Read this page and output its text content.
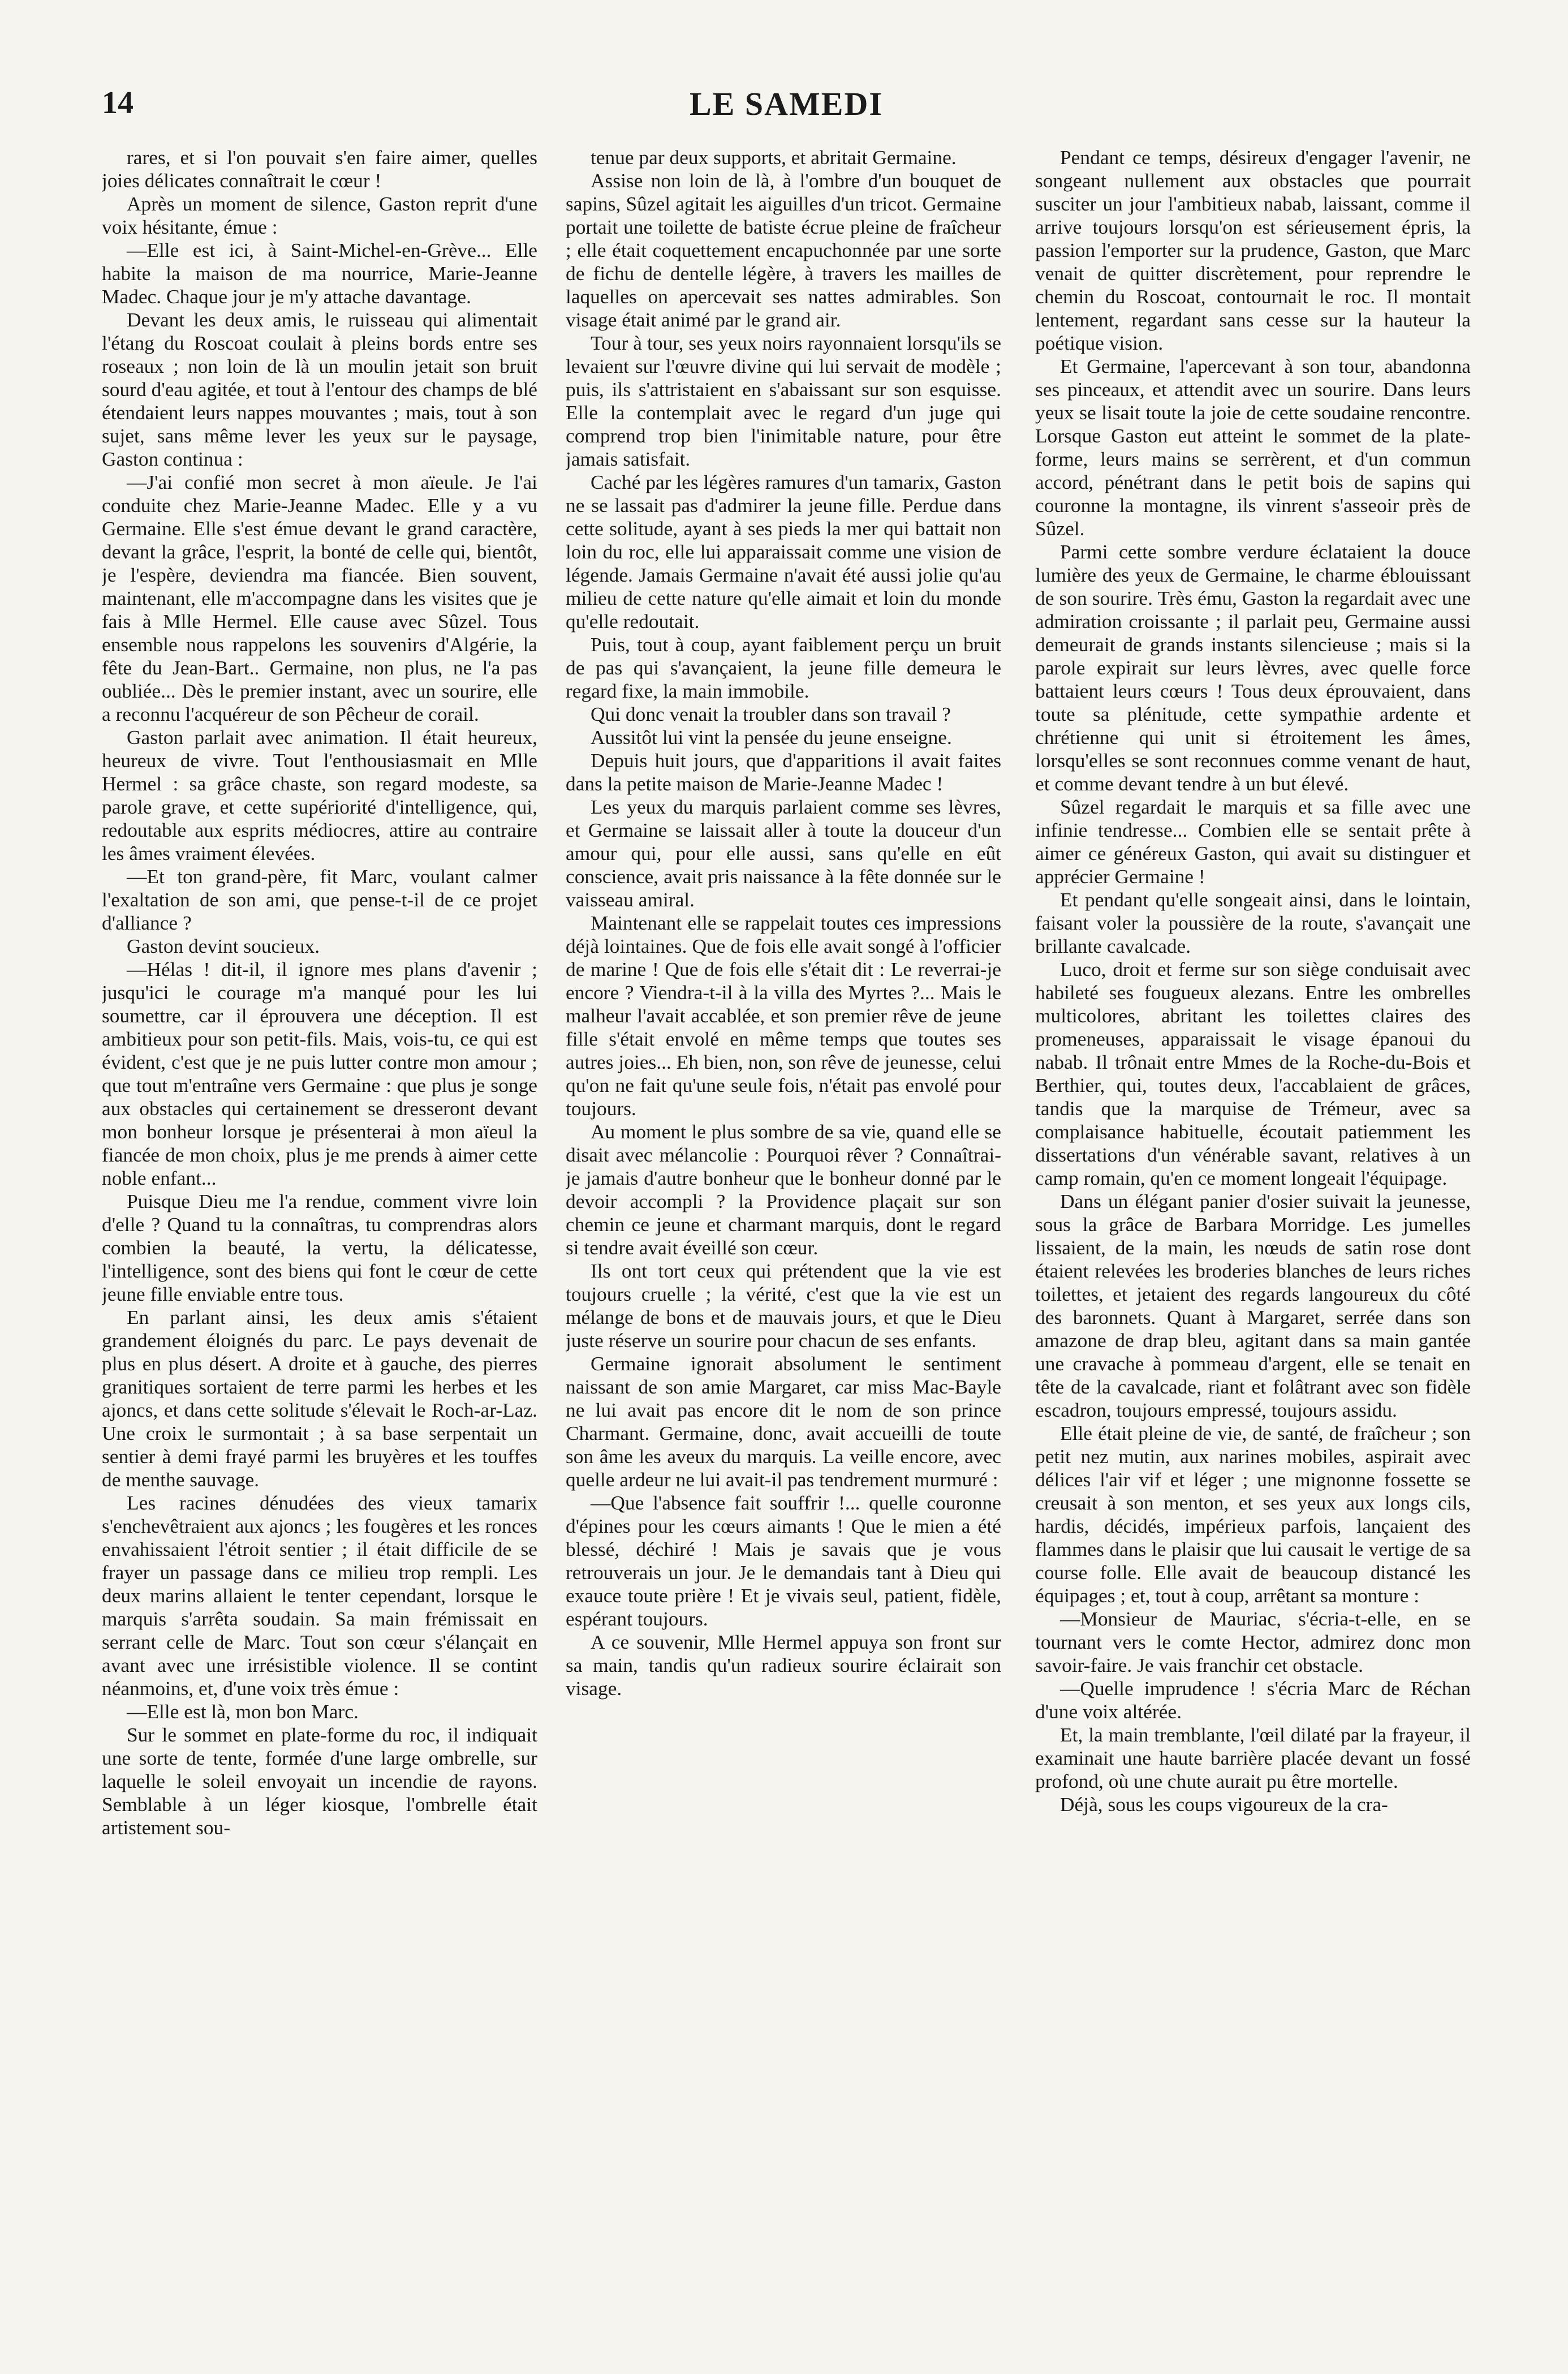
14	LE SAMEDI

rares, et si l'on pouvait s'en faire aimer, quelles joies délicates connaîtrait le cœur !

Après un moment de silence, Gaston reprit d'une voix hésitante, émue :

—Elle est ici, à Saint-Michel-en-Grève... Elle habite la maison de ma nourrice, Marie-Jeanne Madec. Chaque jour je m'y attache davantage.

Devant les deux amis, le ruisseau qui alimentait l'étang du Roscoat coulait à pleins bords entre ses roseaux ; non loin de là un moulin jetait son bruit sourd d'eau agitée, et tout à l'entour des champs de blé étendaient leurs nappes mouvantes ; mais, tout à son sujet, sans même lever les yeux sur le paysage, Gaston continua :

—J'ai confié mon secret à mon aïeule. Je l'ai conduite chez Marie-Jeanne Madec. Elle y a vu Germaine. Elle s'est émue devant le grand caractère, devant la grâce, l'esprit, la bonté de celle qui, bientôt, je l'espère, deviendra ma fiancée. Bien souvent, maintenant, elle m'accompagne dans les visites que je fais à Mlle Hermel. Elle cause avec Sûzel. Tous ensemble nous rappelons les souvenirs d'Algérie, la fête du Jean-Bart.. Germaine, non plus, ne l'a pas oubliée... Dès le premier instant, avec un sourire, elle a reconnu l'acquéreur de son Pêcheur de corail.

Gaston parlait avec animation. Il était heureux, heureux de vivre. Tout l'enthousiasmait en Mlle Hermel : sa grâce chaste, son regard modeste, sa parole grave, et cette supériorité d'intelligence, qui, redoutable aux esprits médiocres, attire au contraire les âmes vraiment élevées.

—Et ton grand-père, fit Marc, voulant calmer l'exaltation de son ami, que pense-t-il de ce projet d'alliance ?

Gaston devint soucieux.

—Hélas ! dit-il, il ignore mes plans d'avenir ; jusqu'ici le courage m'a manqué pour les lui soumettre, car il éprouvera une déception. Il est ambitieux pour son petit-fils. Mais, vois-tu, ce qui est évident, c'est que je ne puis lutter contre mon amour ; que tout m'entraîne vers Germaine : que plus je songe aux obstacles qui certainement se dresseront devant mon bonheur lorsque je présenterai à mon aïeul la fiancée de mon choix, plus je me prends à aimer cette noble enfant...

Puisque Dieu me l'a rendue, comment vivre loin d'elle ? Quand tu la connaîtras, tu comprendras alors combien la beauté, la vertu, la délicatesse, l'intelligence, sont des biens qui font le cœur de cette jeune fille enviable entre tous.

En parlant ainsi, les deux amis s'étaient grandement éloignés du parc. Le pays devenait de plus en plus désert. A droite et à gauche, des pierres granitiques sortaient de terre parmi les herbes et les ajoncs, et dans cette solitude s'élevait le Roch-ar-Laz. Une croix le surmontait ; à sa base serpentait un sentier à demi frayé parmi les bruyères et les touffes de menthe sauvage.

Les racines dénudées des vieux tamarix s'enchevêtraient aux ajoncs ; les fougères et les ronces envahissaient l'étroit sentier ; il était difficile de se frayer un passage dans ce milieu trop rempli. Les deux marins allaient le tenter cependant, lorsque le marquis s'arrêta soudain. Sa main frémissait en serrant celle de Marc. Tout son cœur s'élançait en avant avec une irrésistible violence. Il se contint néanmoins, et, d'une voix très émue :

—Elle est là, mon bon Marc.

Sur le sommet en plate-forme du roc, il indiquait une sorte de tente, formée d'une large ombrelle, sur laquelle le soleil envoyait un incendie de rayons. Semblable à un léger kiosque, l'ombrelle était artistement sou-

tenue par deux supports, et abritait Germaine.

Assise non loin de là, à l'ombre d'un bouquet de sapins, Sûzel agitait les aiguilles d'un tricot. Germaine portait une toilette de batiste écrue pleine de fraîcheur ; elle était coquettement encapuchonnée par une sorte de fichu de dentelle légère, à travers les mailles de laquelles on apercevait ses nattes admirables. Son visage était animé par le grand air.

Tour à tour, ses yeux noirs rayonnaient lorsqu'ils se levaient sur l'œuvre divine qui lui servait de modèle ; puis, ils s'attristaient en s'abaissant sur son esquisse. Elle la contemplait avec le regard d'un juge qui comprend trop bien l'inimitable nature, pour être jamais satisfait.

Caché par les légères ramures d'un tamarix, Gaston ne se lassait pas d'admirer la jeune fille. Perdue dans cette solitude, ayant à ses pieds la mer qui battait non loin du roc, elle lui apparaissait comme une vision de légende. Jamais Germaine n'avait été aussi jolie qu'au milieu de cette nature qu'elle aimait et loin du monde qu'elle redoutait.

Puis, tout à coup, ayant faiblement perçu un bruit de pas qui s'avançaient, la jeune fille demeura le regard fixe, la main immobile.

Qui donc venait la troubler dans son travail ?

Aussitôt lui vint la pensée du jeune enseigne.

Depuis huit jours, que d'apparitions il avait faites dans la petite maison de Marie-Jeanne Madec !

Les yeux du marquis parlaient comme ses lèvres, et Germaine se laissait aller à toute la douceur d'un amour qui, pour elle aussi, sans qu'elle en eût conscience, avait pris naissance à la fête donnée sur le vaisseau amiral.

Maintenant elle se rappelait toutes ces impressions déjà lointaines. Que de fois elle avait songé à l'officier de marine ! Que de fois elle s'était dit : Le reverrai-je encore ? Viendra-t-il à la villa des Myrtes ?... Mais le malheur l'avait accablée, et son premier rêve de jeune fille s'était envolé en même temps que toutes ses autres joies... Eh bien, non, son rêve de jeunesse, celui qu'on ne fait qu'une seule fois, n'était pas envolé pour toujours.

Au moment le plus sombre de sa vie, quand elle se disait avec mélancolie : Pourquoi rêver ? Connaîtrai-je jamais d'autre bonheur que le bonheur donné par le devoir accompli ? la Providence plaçait sur son chemin ce jeune et charmant marquis, dont le regard si tendre avait éveillé son cœur.

Ils ont tort ceux qui prétendent que la vie est toujours cruelle ; la vérité, c'est que la vie est un mélange de bons et de mauvais jours, et que le Dieu juste réserve un sourire pour chacun de ses enfants.

Germaine ignorait absolument le sentiment naissant de son amie Margaret, car miss Mac-Bayle ne lui avait pas encore dit le nom de son prince Charmant. Germaine, donc, avait accueilli de toute son âme les aveux du marquis. La veille encore, avec quelle ardeur ne lui avait-il pas tendrement murmuré :

—Que l'absence fait souffrir !... quelle couronne d'épines pour les cœurs aimants ! Que le mien a été blessé, déchiré ! Mais je savais que je vous retrouverais un jour. Je le demandais tant à Dieu qui exauce toute prière ! Et je vivais seul, patient, fidèle, espérant toujours.

A ce souvenir, Mlle Hermel appuya son front sur sa main, tandis qu'un radieux sourire éclairait son visage.

Pendant ce temps, désireux d'engager l'avenir, ne songeant nullement aux obstacles que pourrait susciter un jour l'ambitieux nabab, laissant, comme il arrive toujours lorsqu'on est sérieusement épris, la passion l'emporter sur la prudence, Gaston, que Marc venait de quitter discrètement, pour reprendre le chemin du Roscoat, contournait le roc. Il montait lentement, regardant sans cesse sur la hauteur la poétique vision.

Et Germaine, l'apercevant à son tour, abandonna ses pinceaux, et attendit avec un sourire. Dans leurs yeux se lisait toute la joie de cette soudaine rencontre. Lorsque Gaston eut atteint le sommet de la plate-forme, leurs mains se serrèrent, et d'un commun accord, pénétrant dans le petit bois de sapins qui couronne la montagne, ils vinrent s'asseoir près de Sûzel.

Parmi cette sombre verdure éclataient la douce lumière des yeux de Germaine, le charme éblouissant de son sourire. Très ému, Gaston la regardait avec une admiration croissante ; il parlait peu, Germaine aussi demeurait de grands instants silencieuse ; mais si la parole expirait sur leurs lèvres, avec quelle force battaient leurs cœurs ! Tous deux éprouvaient, dans toute sa plénitude, cette sympathie ardente et chrétienne qui unit si étroitement les âmes, lorsqu'elles se sont reconnues comme venant de haut, et comme devant tendre à un but élevé.

Sûzel regardait le marquis et sa fille avec une infinie tendresse... Combien elle se sentait prête à aimer ce généreux Gaston, qui avait su distinguer et apprécier Germaine !

Et pendant qu'elle songeait ainsi, dans le lointain, faisant voler la poussière de la route, s'avançait une brillante cavalcade.

Luco, droit et ferme sur son siège conduisait avec habileté ses fougueux alezans. Entre les ombrelles multicolores, abritant les toilettes claires des promeneuses, apparaissait le visage épanoui du nabab. Il trônait entre Mmes de la Roche-du-Bois et Berthier, qui, toutes deux, l'accablaient de grâces, tandis que la marquise de Trémeur, avec sa complaisance habituelle, écoutait patiemment les dissertations d'un vénérable savant, relatives à un camp romain, qu'en ce moment longeait l'équipage.

Dans un élégant panier d'osier suivait la jeunesse, sous la grâce de Barbara Morridge. Les jumelles lissaient, de la main, les nœuds de satin rose dont étaient relevées les broderies blanches de leurs riches toilettes, et jetaient des regards langoureux du côté des baronnets. Quant à Margaret, serrée dans son amazone de drap bleu, agitant dans sa main gantée une cravache à pommeau d'argent, elle se tenait en tête de la cavalcade, riant et folâtrant avec son fidèle escadron, toujours empressé, toujours assidu.

Elle était pleine de vie, de santé, de fraîcheur ; son petit nez mutin, aux narines mobiles, aspirait avec délices l'air vif et léger ; une mignonne fossette se creusait à son menton, et ses yeux aux longs cils, hardis, décidés, impérieux parfois, lançaient des flammes dans le plaisir que lui causait le vertige de sa course folle. Elle avait de beaucoup distancé les équipages ; et, tout à coup, arrêtant sa monture :

—Monsieur de Mauriac, s'écria-t-elle, en se tournant vers le comte Hector, admirez donc mon savoir-faire. Je vais franchir cet obstacle.

—Quelle imprudence ! s'écria Marc de Réchan d'une voix altérée.

Et, la main tremblante, l'œil dilaté par la frayeur, il examinait une haute barrière placée devant un fossé profond, où une chute aurait pu être mortelle.

Déjà, sous les coups vigoureux de la cra-
